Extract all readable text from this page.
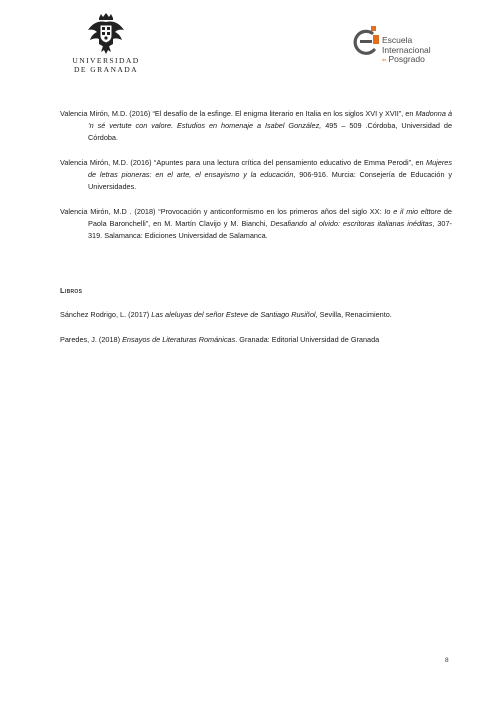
UNIVERSIDAD
DE GRANADA
Escuela
Internacional
de Posgrado

Valencia Mirón, M.D. (2016) “El desafío de la esfinge. El enigma literario en Italia en los siglos XVI y XVII”, en Madonna à ’n sé vertute con valore. Estudios en homenaje a Isabel González, 495 – 509 .Córdoba, Universidad de Córdoba.

Valencia Mirón, M.D. (2016) “Apuntes para una lectura crítica del pensamiento educativo de Emma Perodi”, en Mujeres de letras pioneras: en el arte, el ensayismo y la educación, 906-916. Murcia: Consejería de Educación y Universidades.

Valencia Mirón, M.D . (2018) “Provocación y anticonformismo en los primeros años del siglo XX: Io e il mio elttore de Paola Baronchelli”, en M. Martín Clavijo y M. Bianchi, Desafiando al olvido: escritoras italianas inéditas, 307- 319. Salamanca: Ediciones Universidad de Salamanca.

Libros

Sánchez Rodrigo, L. (2017) Las aleluyas del señor Esteve de Santiago Rusiñol, Sevilla, Renacimiento.

Paredes, J. (2018) Ensayos de Literaturas Románicas. Granada: Editorial Universidad de Granada

8
